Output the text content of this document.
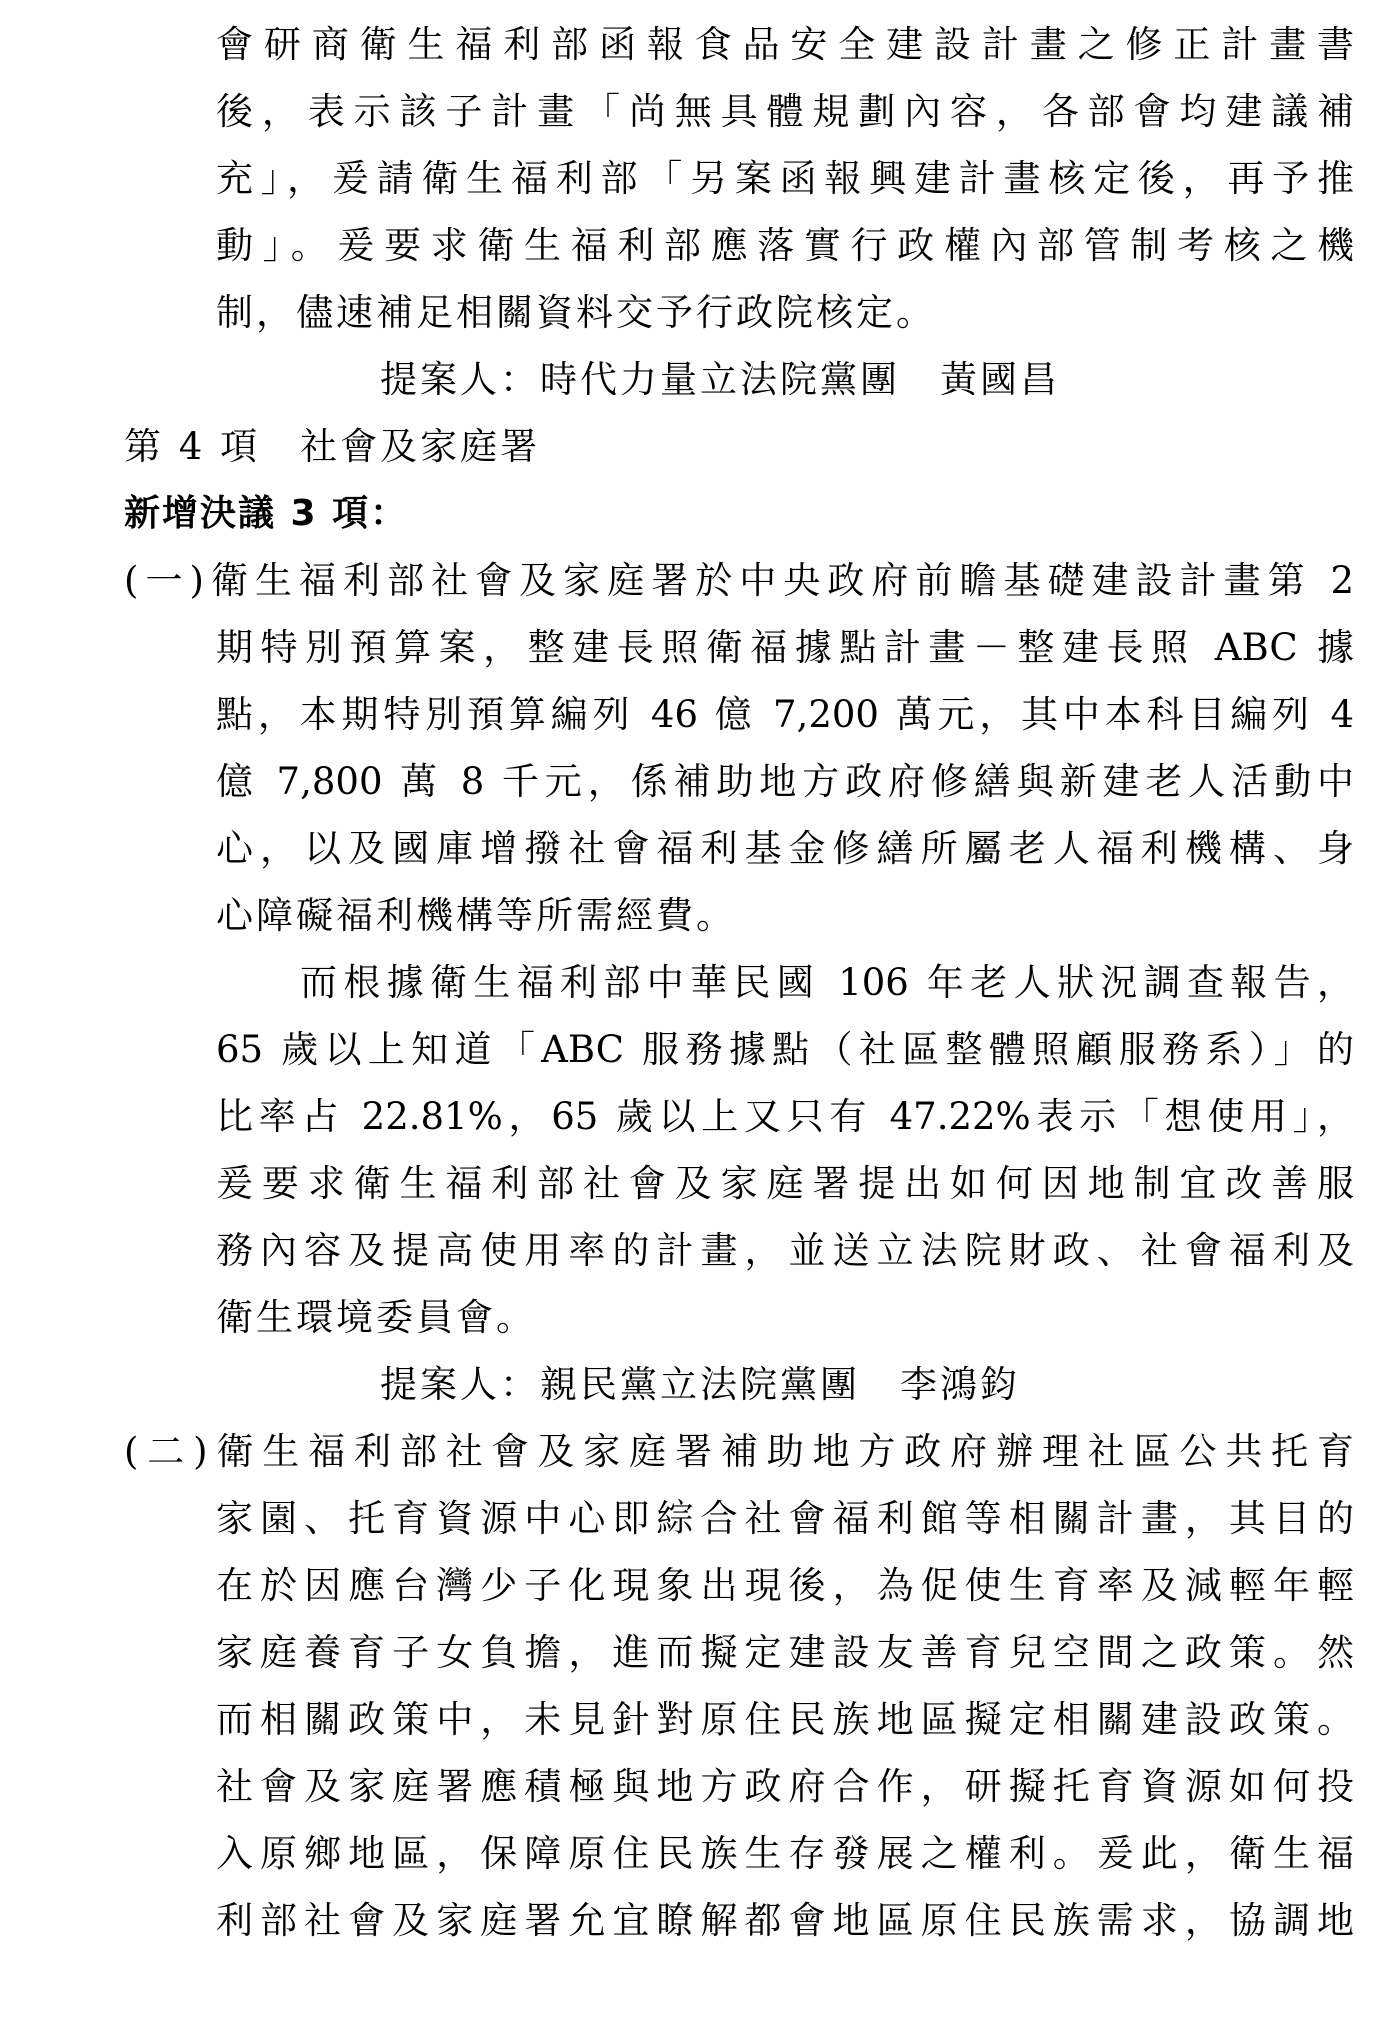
會研商衛生福利部函報食品安全建設計畫之修正計畫書
後，表示該子計畫「尚無具體規劃內容，各部會均建議補
充」，爰請衛生福利部「另案函報興建計畫核定後，再予推
動」。爰要求衛生福利部應落實行政權內部管制考核之機
制，儘速補足相關資料交予行政院核定。
提案人：時代力量立法院黨團　黃國昌
第 4 項　社會及家庭署
新增決議 3 項：
(一)衛生福利部社會及家庭署於中央政府前瞻基礎建設計畫第 2
期特別預算案，整建長照衛福據點計畫－整建長照 ABC 據
點，本期特別預算編列 46 億 7,200 萬元，其中本科目編列 4
億 7,800 萬 8 千元，係補助地方政府修繕與新建老人活動中
心，以及國庫增撥社會福利基金修繕所屬老人福利機構、身
心障礙福利機構等所需經費。
而根據衛生福利部中華民國 106 年老人狀況調查報告，
65 歲以上知道「ABC 服務據點（社區整體照顧服務系）」的
比率占 22.81%，65 歲以上又只有 47.22%表示「想使用」，
爰要求衛生福利部社會及家庭署提出如何因地制宜改善服
務內容及提高使用率的計畫，並送立法院財政、社會福利及
衛生環境委員會。
提案人：親民黨立法院黨團　李鴻鈞
(二)衛生福利部社會及家庭署補助地方政府辦理社區公共托育
家園、托育資源中心即綜合社會福利館等相關計畫，其目的
在於因應台灣少子化現象出現後，為促使生育率及減輕年輕
家庭養育子女負擔，進而擬定建設友善育兒空間之政策。然
而相關政策中，未見針對原住民族地區擬定相關建設政策。
社會及家庭署應積極與地方政府合作，研擬托育資源如何投
入原鄉地區，保障原住民族生存發展之權利。爰此，衛生福
利部社會及家庭署允宜瞭解都會地區原住民族需求，協調地
